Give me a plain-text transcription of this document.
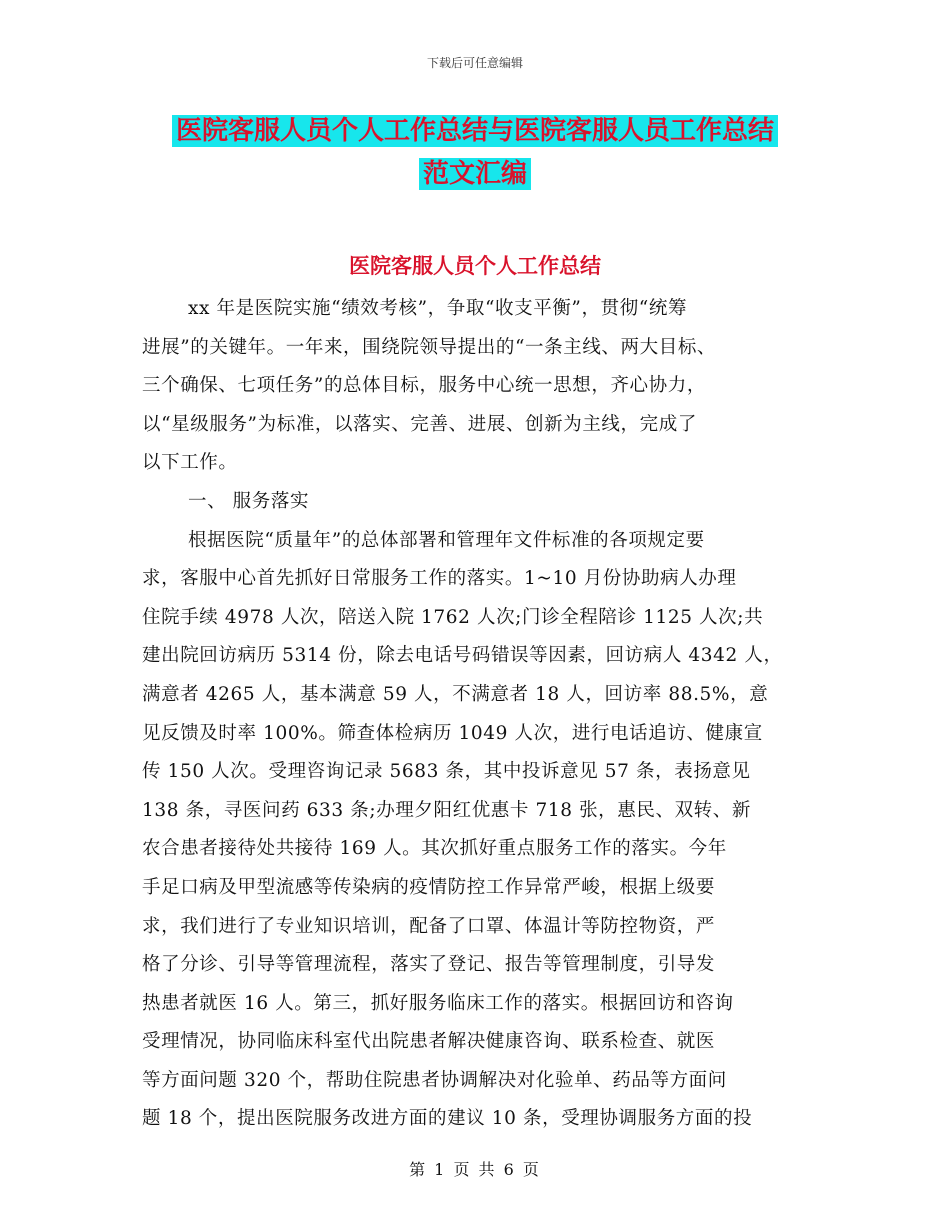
下载后可任意编辑
医院客服人员个人工作总结与医院客服人员工作总结
范文汇编
医院客服人员个人工作总结
xx 年是医院实施“绩效考核”，争取“收支平衡”，贯彻“统筹
进展”的关键年。一年来，围绕院领导提出的“一条主线、两大目标、
三个确保、七项任务”的总体目标，服务中心统一思想，齐心协力，
以“星级服务”为标准，以落实、完善、进展、创新为主线，完成了
以下工作。
一、 服务落实
根据医院“质量年”的总体部署和管理年文件标准的各项规定要
求，客服中心首先抓好日常服务工作的落实。1~10 月份协助病人办理
住院手续 4978 人次，陪送入院 1762 人次;门诊全程陪诊 1125 人次;共
建出院回访病历 5314 份，除去电话号码错误等因素，回访病人 4342 人，
满意者 4265 人，基本满意 59 人，不满意者 18 人，回访率 88.5%，意
见反馈及时率 100%。筛查体检病历 1049 人次，进行电话追访、健康宣
传 150 人次。受理咨询记录 5683 条，其中投诉意见 57 条，表扬意见
138 条，寻医问药 633 条;办理夕阳红优惠卡 718 张，惠民、双转、新
农合患者接待处共接待 169 人。其次抓好重点服务工作的落实。今年
手足口病及甲型流感等传染病的疫情防控工作异常严峻，根据上级要
求，我们进行了专业知识培训，配备了口罩、体温计等防控物资，严
格了分诊、引导等管理流程，落实了登记、报告等管理制度，引导发
热患者就医 16 人。第三，抓好服务临床工作的落实。根据回访和咨询
受理情况，协同临床科室代出院患者解决健康咨询、联系检查、就医
等方面问题 320 个，帮助住院患者协调解决对化验单、药品等方面问
题 18 个，提出医院服务改进方面的建议 10 条，受理协调服务方面的投
第 1 页 共 6 页
